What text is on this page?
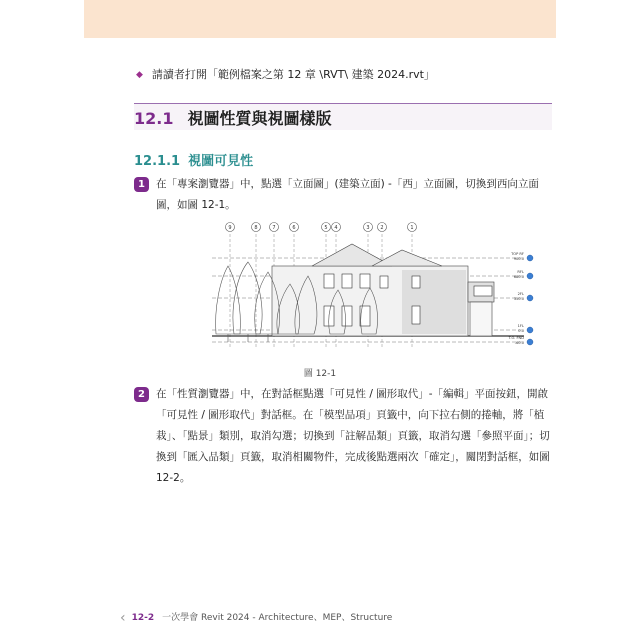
◆ 請讀者打開「範例檔案之第 12 章 \RVT\ 建築 2024.rvt」
12.1 視圖性質與視圖樣版
12.1.1 視圖可見性
1	在「專案瀏覽器」中，點選「立面圖」(建築立面) -「西」立面圖，切換到西向立面圖，如圖 12-1。
9	8	7	6	5 4	3 2	1
TOP RF
900.0
RFL
680.0
2FL
350.0
1FL
0.0
T.O. FND
-60.0
圖 12-1
2	在「性質瀏覽器」中，在對話框點選「可見性 / 圖形取代」-「編輯」平面按鈕，開啟「可見性 / 圖形取代」對話框。在「模型品項」頁籤中，向下拉右側的捲軸，將「植栽」、「點景」類別，取消勾選；切換到「註解品類」頁籤，取消勾選「參照平面」；切換到「匯入品類」頁籤，取消相關物件，完成後點選兩次「確定」，關閉對話框，如圖 12-2。
‹ 12-2 一次學會 Revit 2024 - Architecture、MEP、Structure
